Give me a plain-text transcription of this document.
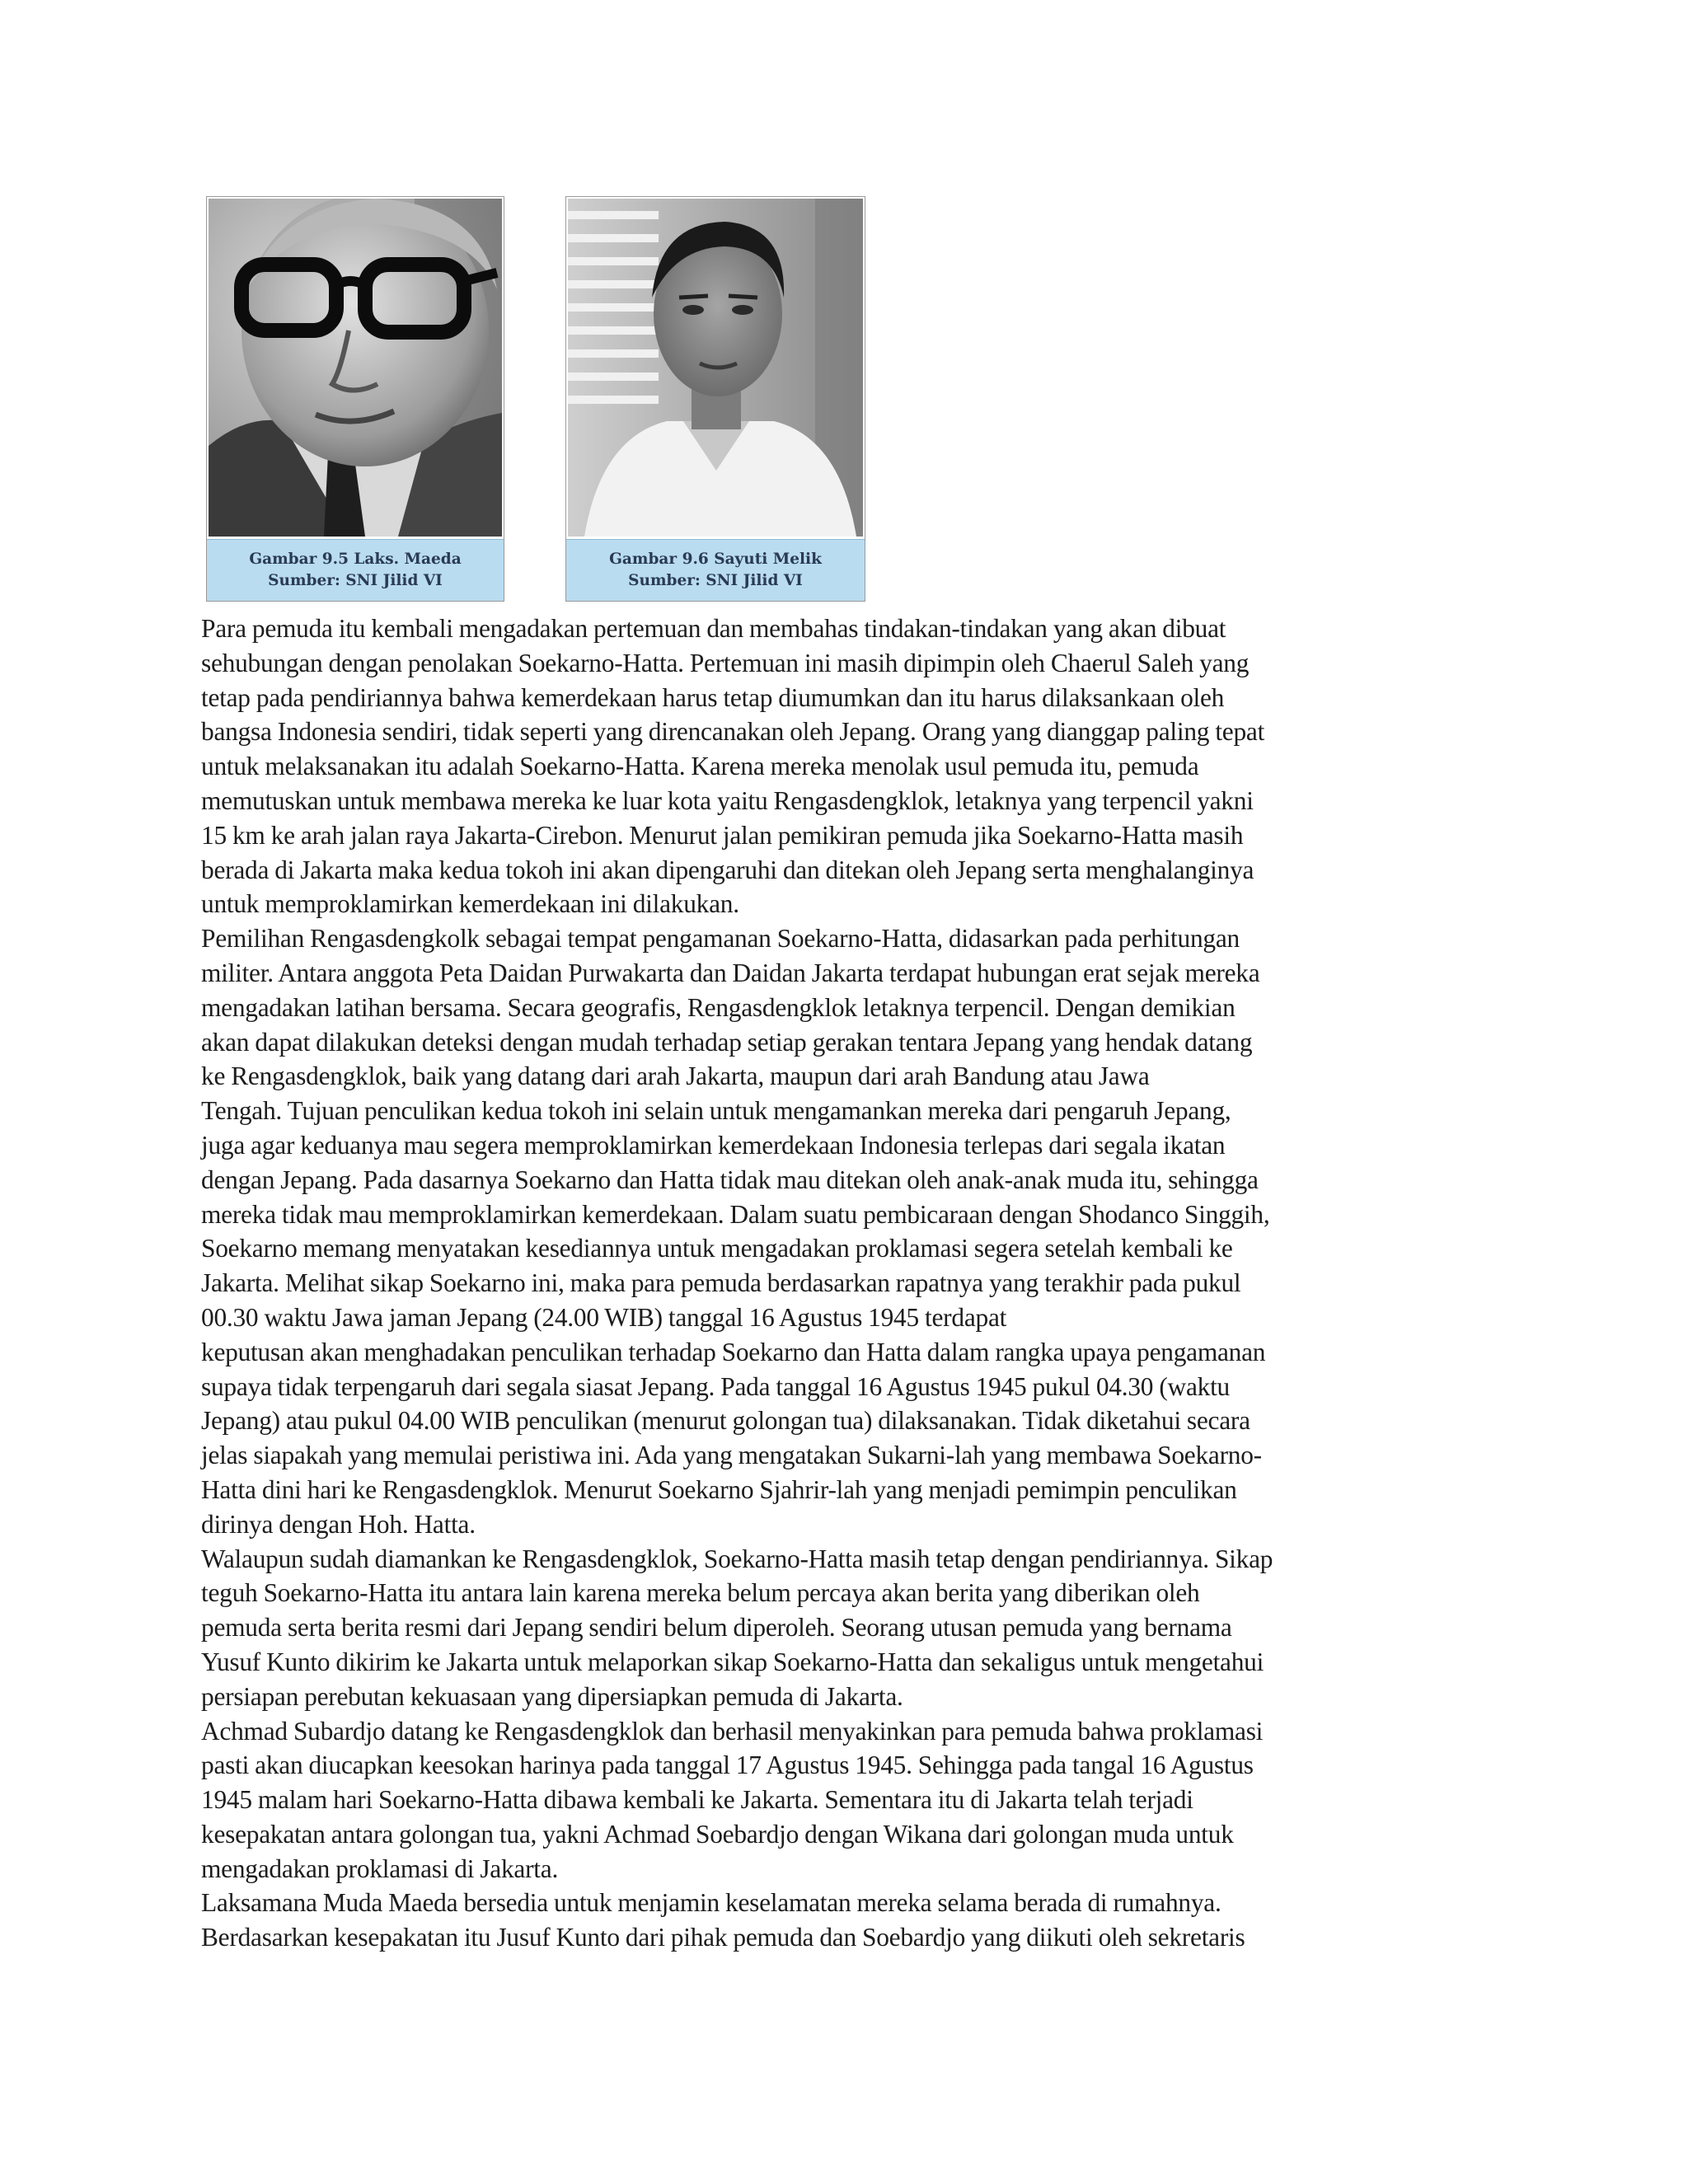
Gambar 9.5 Laks. Maeda
Sumber: SNI Jilid VI
Gambar 9.6 Sayuti Melik
Sumber: SNI Jilid VI
Para pemuda itu kembali mengadakan pertemuan dan membahas tindakan-tindakan yang akan dibuat
sehubungan dengan penolakan Soekarno-Hatta. Pertemuan ini masih dipimpin oleh Chaerul Saleh yang
tetap pada pendiriannya bahwa kemerdekaan harus tetap diumumkan dan itu harus dilaksankaan oleh
bangsa Indonesia sendiri, tidak seperti yang direncanakan oleh Jepang. Orang yang dianggap paling tepat
untuk melaksanakan itu adalah Soekarno-Hatta. Karena mereka menolak usul pemuda itu, pemuda
memutuskan untuk membawa mereka ke luar kota yaitu Rengasdengklok, letaknya yang terpencil yakni
15 km ke arah jalan raya Jakarta-Cirebon. Menurut jalan pemikiran pemuda jika Soekarno-Hatta masih
berada di Jakarta maka kedua tokoh ini akan dipengaruhi dan ditekan oleh Jepang serta menghalanginya
untuk memproklamirkan kemerdekaan ini dilakukan.
Pemilihan Rengasdengkolk sebagai tempat pengamanan Soekarno-Hatta, didasarkan pada perhitungan
militer. Antara anggota Peta Daidan Purwakarta dan Daidan Jakarta terdapat hubungan erat sejak mereka
mengadakan latihan bersama. Secara geografis, Rengasdengklok letaknya terpencil. Dengan demikian
akan dapat dilakukan deteksi dengan mudah terhadap setiap gerakan tentara Jepang yang hendak datang
ke Rengasdengklok, baik yang datang dari arah Jakarta, maupun dari arah Bandung atau Jawa
Tengah. Tujuan penculikan kedua tokoh ini selain untuk mengamankan mereka dari pengaruh Jepang,
juga agar keduanya mau segera memproklamirkan kemerdekaan Indonesia terlepas dari segala ikatan
dengan Jepang. Pada dasarnya Soekarno dan Hatta tidak mau ditekan oleh anak-anak muda itu, sehingga
mereka tidak mau memproklamirkan kemerdekaan. Dalam suatu pembicaraan dengan Shodanco Singgih,
Soekarno memang menyatakan kesediannya untuk mengadakan proklamasi segera setelah kembali ke
Jakarta. Melihat sikap Soekarno ini, maka para pemuda berdasarkan rapatnya yang terakhir pada pukul
00.30 waktu Jawa jaman Jepang (24.00 WIB) tanggal 16 Agustus 1945 terdapat
keputusan akan menghadakan penculikan terhadap Soekarno dan Hatta dalam rangka upaya pengamanan
supaya tidak terpengaruh dari segala siasat Jepang. Pada tanggal 16 Agustus 1945 pukul 04.30 (waktu
Jepang) atau pukul 04.00 WIB penculikan (menurut golongan tua) dilaksanakan. Tidak diketahui secara
jelas siapakah yang memulai peristiwa ini. Ada yang mengatakan Sukarni-lah yang membawa Soekarno-
Hatta dini hari ke Rengasdengklok. Menurut Soekarno Sjahrir-lah yang menjadi pemimpin penculikan
dirinya dengan Hoh. Hatta.
Walaupun sudah diamankan ke Rengasdengklok, Soekarno-Hatta masih tetap dengan pendiriannya. Sikap
teguh Soekarno-Hatta itu antara lain karena mereka belum percaya akan berita yang diberikan oleh
pemuda serta berita resmi dari Jepang sendiri belum diperoleh. Seorang utusan pemuda yang bernama
Yusuf Kunto dikirim ke Jakarta untuk melaporkan sikap Soekarno-Hatta dan sekaligus untuk mengetahui
persiapan perebutan kekuasaan yang dipersiapkan pemuda di Jakarta.
Achmad Subardjo datang ke Rengasdengklok dan berhasil menyakinkan para pemuda bahwa proklamasi
pasti akan diucapkan keesokan harinya pada tanggal 17 Agustus 1945. Sehingga pada tangal 16 Agustus
1945 malam hari Soekarno-Hatta dibawa kembali ke Jakarta. Sementara itu di Jakarta telah terjadi
kesepakatan antara golongan tua, yakni Achmad Soebardjo dengan Wikana dari golongan muda untuk
mengadakan proklamasi di Jakarta.
Laksamana Muda Maeda bersedia untuk menjamin keselamatan mereka selama berada di rumahnya.
Berdasarkan kesepakatan itu Jusuf Kunto dari pihak pemuda dan Soebardjo yang diikuti oleh sekretaris
